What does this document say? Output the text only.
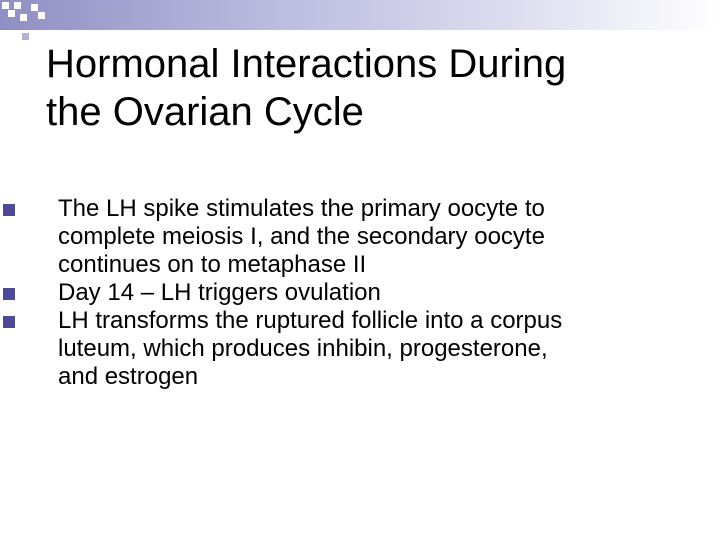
Hormonal Interactions During
the Ovarian Cycle
The LH spike stimulates the primary oocyte to
complete meiosis I, and the secondary oocyte
continues on to metaphase II
Day 14 – LH triggers ovulation
LH transforms the ruptured follicle into a corpus
luteum, which produces inhibin, progesterone,
and estrogen
